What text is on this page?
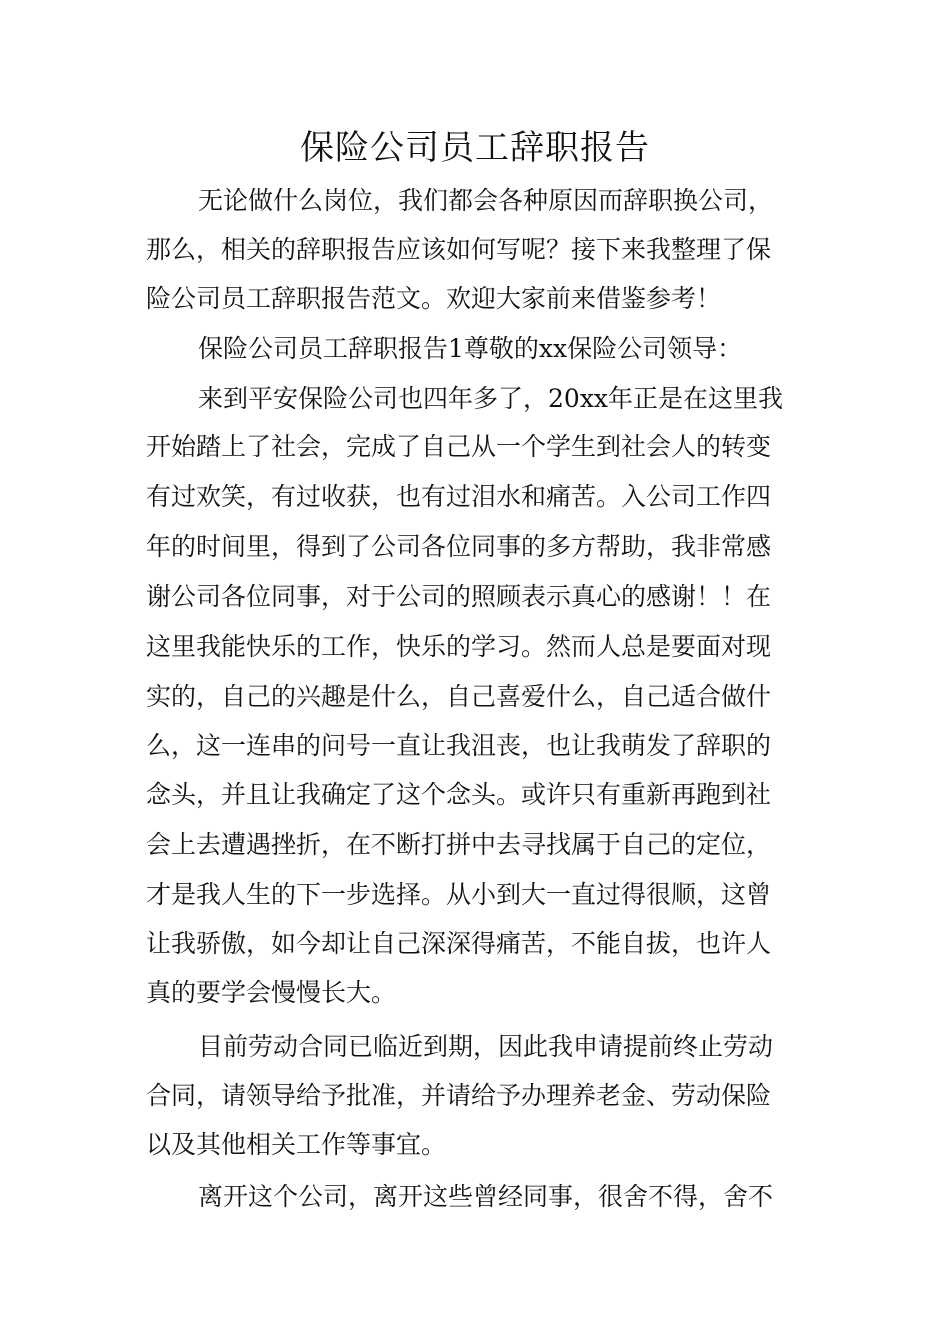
保险公司员工辞职报告
无论做什么岗位，我们都会各种原因而辞职换公司，
那么，相关的辞职报告应该如何写呢？接下来我整理了保
险公司员工辞职报告范文。欢迎大家前来借鉴参考！
保险公司员工辞职报告1尊敬的xx保险公司领导：
来到平安保险公司也四年多了，20xx年正是在这里我
开始踏上了社会，完成了自己从一个学生到社会人的转变
有过欢笑，有过收获，也有过泪水和痛苦。入公司工作四
年的时间里，得到了公司各位同事的多方帮助，我非常感
谢公司各位同事，对于公司的照顾表示真心的感谢！！在
这里我能快乐的工作，快乐的学习。然而人总是要面对现
实的，自己的兴趣是什么，自己喜爱什么，自己适合做什
么，这一连串的问号一直让我沮丧，也让我萌发了辞职的
念头，并且让我确定了这个念头。或许只有重新再跑到社
会上去遭遇挫折，在不断打拼中去寻找属于自己的定位，
才是我人生的下一步选择。从小到大一直过得很顺，这曾
让我骄傲，如今却让自己深深得痛苦，不能自拔，也许人
真的要学会慢慢长大。
目前劳动合同已临近到期，因此我申请提前终止劳动
合同，请领导给予批准，并请给予办理养老金、劳动保险
以及其他相关工作等事宜。
离开这个公司，离开这些曾经同事，很舍不得，舍不
